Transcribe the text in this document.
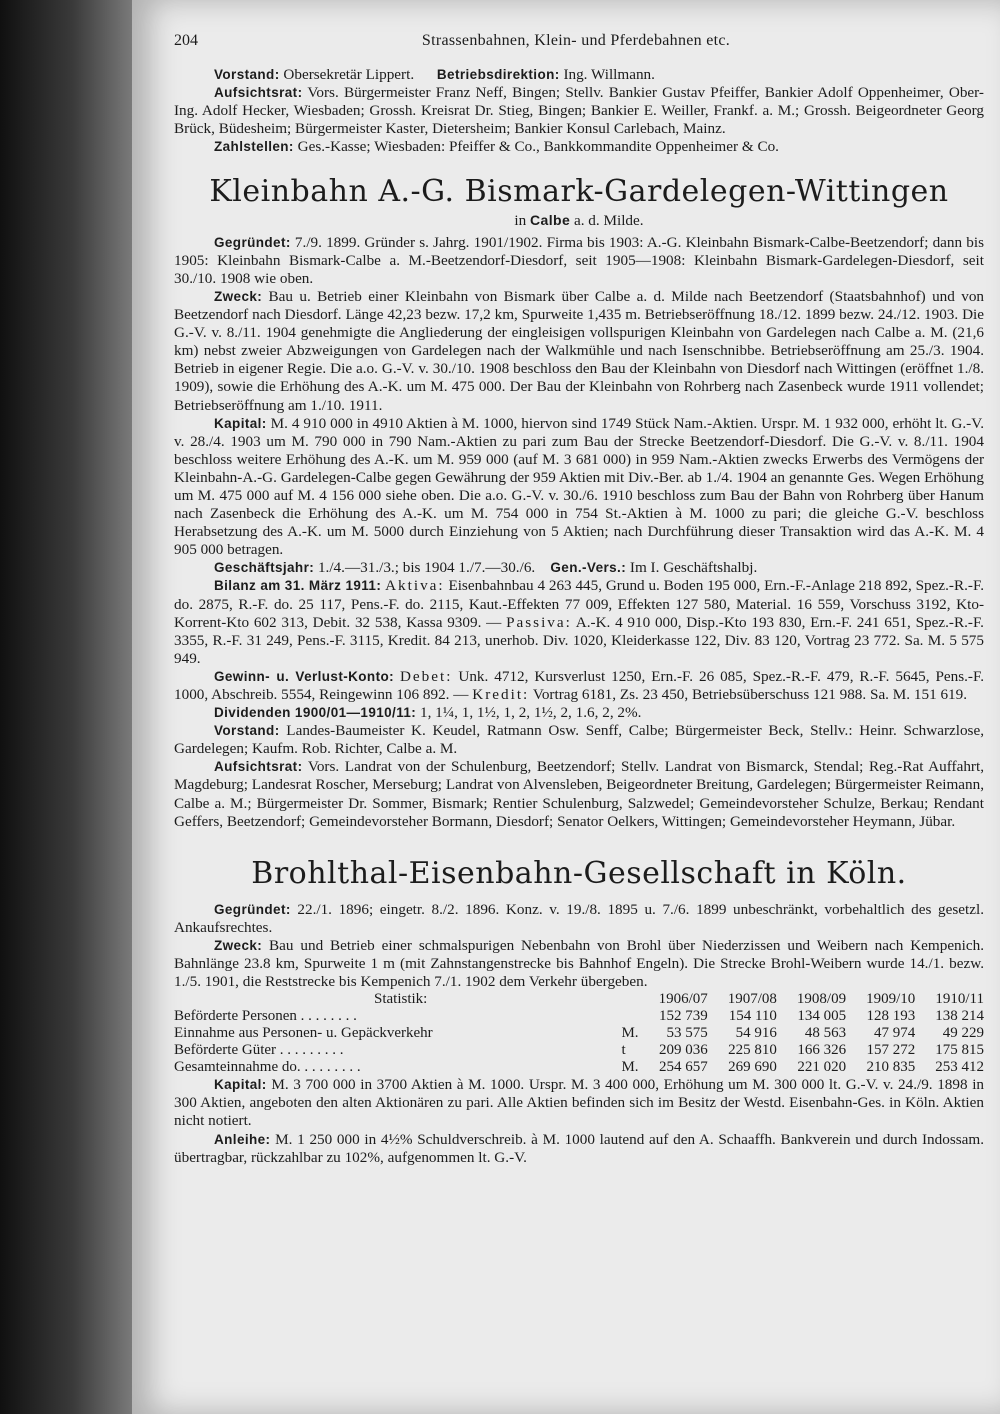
204	Strassenbahnen, Klein- und Pferdebahnen etc.

Vorstand: Obersekretär Lippert. Betriebsdirektion: Ing. Willmann.

Aufsichtsrat: Vors. Bürgermeister Franz Neff, Bingen; Stellv. Bankier Gustav Pfeiffer, Bankier Adolf Oppenheimer, Ober-Ing. Adolf Hecker, Wiesbaden; Grossh. Kreisrat Dr. Stieg, Bingen; Bankier E. Weiller, Frankf. a. M.; Grossh. Beigeordneter Georg Brück, Büdesheim; Bürgermeister Kaster, Dietersheim; Bankier Konsul Carlebach, Mainz.

Zahlstellen: Ges.-Kasse; Wiesbaden: Pfeiffer & Co., Bankkommandite Oppenheimer & Co.

Kleinbahn A.-G. Bismark-Gardelegen-Wittingen
in Calbe a. d. Milde.

Gegründet: 7./9. 1899. Gründer s. Jahrg. 1901/1902. Firma bis 1903: A.-G. Kleinbahn Bismark-Calbe-Beetzendorf; dann bis 1905: Kleinbahn Bismark-Calbe a. M.-Beetzendorf-Diesdorf, seit 1905—1908: Kleinbahn Bismark-Gardelegen-Diesdorf, seit 30./10. 1908 wie oben.

Zweck: Bau u. Betrieb einer Kleinbahn von Bismark über Calbe a. d. Milde nach Beetzendorf (Staatsbahnhof) und von Beetzendorf nach Diesdorf. Länge 42,23 bezw. 17,2 km, Spurweite 1,435 m. Betriebseröffnung 18./12. 1899 bezw. 24./12. 1903. Die G.-V. v. 8./11. 1904 genehmigte die Angliederung der eingleisigen vollspurigen Kleinbahn von Gardelegen nach Calbe a. M. (21,6 km) nebst zweier Abzweigungen von Gardelegen nach der Walkmühle und nach Isenschnibbe. Betriebseröffnung am 25./3. 1904. Betrieb in eigener Regie. Die a.o. G.-V. v. 30./10. 1908 beschloss den Bau der Kleinbahn von Diesdorf nach Wittingen (eröffnet 1./8. 1909), sowie die Erhöhung des A.-K. um M. 475 000. Der Bau der Kleinbahn von Rohrberg nach Zasenbeck wurde 1911 vollendet; Betriebseröffnung am 1./10. 1911.

Kapital: M. 4 910 000 in 4910 Aktien à M. 1000, hiervon sind 1749 Stück Nam.-Aktien. Urspr. M. 1 932 000, erhöht lt. G.-V. v. 28./4. 1903 um M. 790 000 in 790 Nam.-Aktien zu pari zum Bau der Strecke Beetzendorf-Diesdorf. Die G.-V. v. 8./11. 1904 beschloss weitere Erhöhung des A.-K. um M. 959 000 (auf M. 3 681 000) in 959 Nam.-Aktien zwecks Erwerbs des Vermögens der Kleinbahn-A.-G. Gardelegen-Calbe gegen Gewährung der 959 Aktien mit Div.-Ber. ab 1./4. 1904 an genannte Ges. Wegen Erhöhung um M. 475 000 auf M. 4 156 000 siehe oben. Die a.o. G.-V. v. 30./6. 1910 beschloss zum Bau der Bahn von Rohrberg über Hanum nach Zasenbeck die Erhöhung des A.-K. um M. 754 000 in 754 St.-Aktien à M. 1000 zu pari; die gleiche G.-V. beschloss Herabsetzung des A.-K. um M. 5000 durch Einziehung von 5 Aktien; nach Durchführung dieser Transaktion wird das A.-K. M. 4 905 000 betragen.

Geschäftsjahr: 1./4.—31./3.; bis 1904 1./7.—30./6. Gen.-Vers.: Im I. Geschäftshalbj.

Bilanz am 31. März 1911: Aktiva: Eisenbahnbau 4 263 445, Grund u. Boden 195 000, Ern.-F.-Anlage 218 892, Spez.-R.-F. do. 2875, R.-F. do. 25 117, Pens.-F. do. 2115, Kaut.-Effekten 77 009, Effekten 127 580, Material. 16 559, Vorschuss 3192, Kto-Korrent-Kto 602 313, Debit. 32 538, Kassa 9309. — Passiva: A.-K. 4 910 000, Disp.-Kto 193 830, Ern.-F. 241 651, Spez.-R.-F. 3355, R.-F. 31 249, Pens.-F. 3115, Kredit. 84 213, unerhob. Div. 1020, Kleiderkasse 122, Div. 83 120, Vortrag 23 772. Sa. M. 5 575 949.

Gewinn- u. Verlust-Konto: Debet: Unk. 4712, Kursverlust 1250, Ern.-F. 26 085, Spez.-R.-F. 479, R.-F. 5645, Pens.-F. 1000, Abschreib. 5554, Reingewinn 106 892. — Kredit: Vortrag 6181, Zs. 23 450, Betriebsüberschuss 121 988. Sa. M. 151 619.

Dividenden 1900/01—1910/11: 1, 1¼, 1, 1½, 1, 2, 1½, 2, 1.6, 2, 2%.

Vorstand: Landes-Baumeister K. Keudel, Ratmann Osw. Senff, Calbe; Bürgermeister Beck, Stellv.: Heinr. Schwarzlose, Gardelegen; Kaufm. Rob. Richter, Calbe a. M.

Aufsichtsrat: Vors. Landrat von der Schulenburg, Beetzendorf; Stellv. Landrat von Bismarck, Stendal; Reg.-Rat Auffahrt, Magdeburg; Landesrat Roscher, Merseburg; Landrat von Alvensleben, Beigeordneter Breitung, Gardelegen; Bürgermeister Reimann, Calbe a. M.; Bürgermeister Dr. Sommer, Bismark; Rentier Schulenburg, Salzwedel; Gemeindevorsteher Schulze, Berkau; Rendant Geffers, Beetzendorf; Gemeindevorsteher Bormann, Diesdorf; Senator Oelkers, Wittingen; Gemeindevorsteher Heymann, Jübar.

Brohlthal-Eisenbahn-Gesellschaft in Köln.

Gegründet: 22./1. 1896; eingetr. 8./2. 1896. Konz. v. 19./8. 1895 u. 7./6. 1899 unbeschränkt, vorbehaltlich des gesetzl. Ankaufsrechtes.

Zweck: Bau und Betrieb einer schmalspurigen Nebenbahn von Brohl über Niederzissen und Weibern nach Kempenich. Bahnlänge 23.8 km, Spurweite 1 m (mit Zahnstangenstrecke bis Bahnhof Engeln). Die Strecke Brohl-Weibern wurde 14./1. bezw. 1./5. 1901, die Reststrecke bis Kempenich 7./1. 1902 dem Verkehr übergeben.

Statistik:		1906/07	1907/08	1908/09	1909/10	1910/11
Beförderte Personen . . . . . . . .		152 739	154 110	134 005	128 193	138 214
Einnahme aus Personen- u. Gepäckverkehr	M.	53 575	54 916	48 563	47 974	49 229
Beförderte Güter . . . . . . . . .	t	209 036	225 810	166 326	157 272	175 815
Gesamteinnahme do. . . . . . . . .	M.	254 657	269 690	221 020	210 835	253 412

Kapital: M. 3 700 000 in 3700 Aktien à M. 1000. Urspr. M. 3 400 000, Erhöhung um M. 300 000 lt. G.-V. v. 24./9. 1898 in 300 Aktien, angeboten den alten Aktionären zu pari. Alle Aktien befinden sich im Besitz der Westd. Eisenbahn-Ges. in Köln. Aktien nicht notiert.

Anleihe: M. 1 250 000 in 4½% Schuldverschreib. à M. 1000 lautend auf den A. Schaaffh. Bankverein und durch Indossam. übertragbar, rückzahlbar zu 102%, aufgenommen lt. G.-V.
